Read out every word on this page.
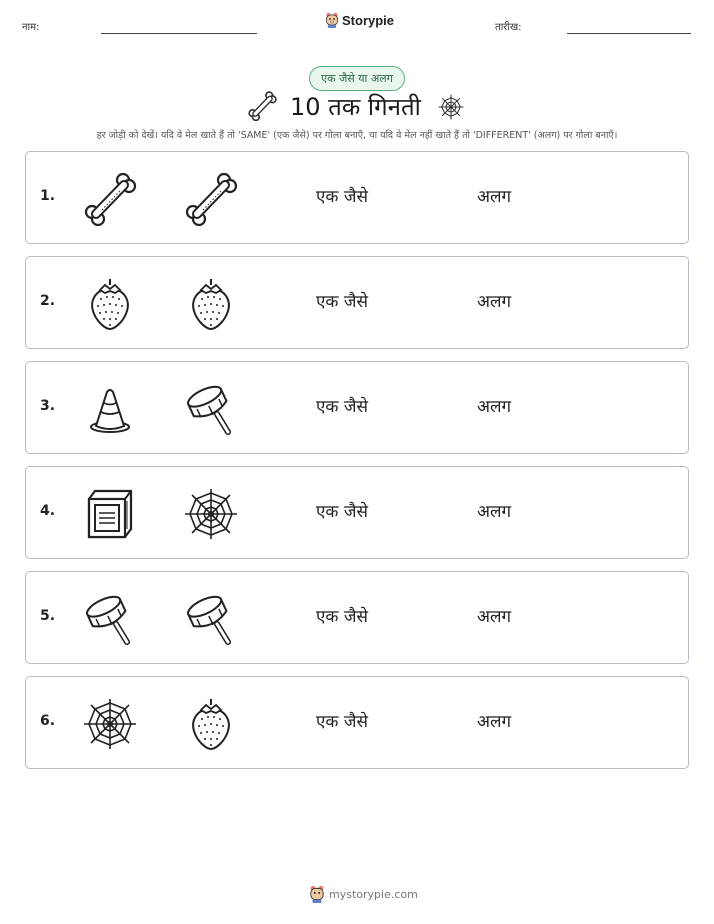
नाम:	Storypie	तारीख:
एक जैसे या अलग
10 तक गिनती
हर जोड़ी को देखें। यदि वे मेल खाते हैं तो 'SAME' (एक जैसे) पर गोला बनाएँ, या यदि वे मेल नहीं खाते हैं तो 'DIFFERENT' (अलग) पर गोला बनाएँ।
1.	एक जैसे	अलग
2.	एक जैसे	अलग
3.	एक जैसे	अलग
4.	एक जैसे	अलग
5.	एक जैसे	अलग
6.	एक जैसे	अलग
mystorypie.com
